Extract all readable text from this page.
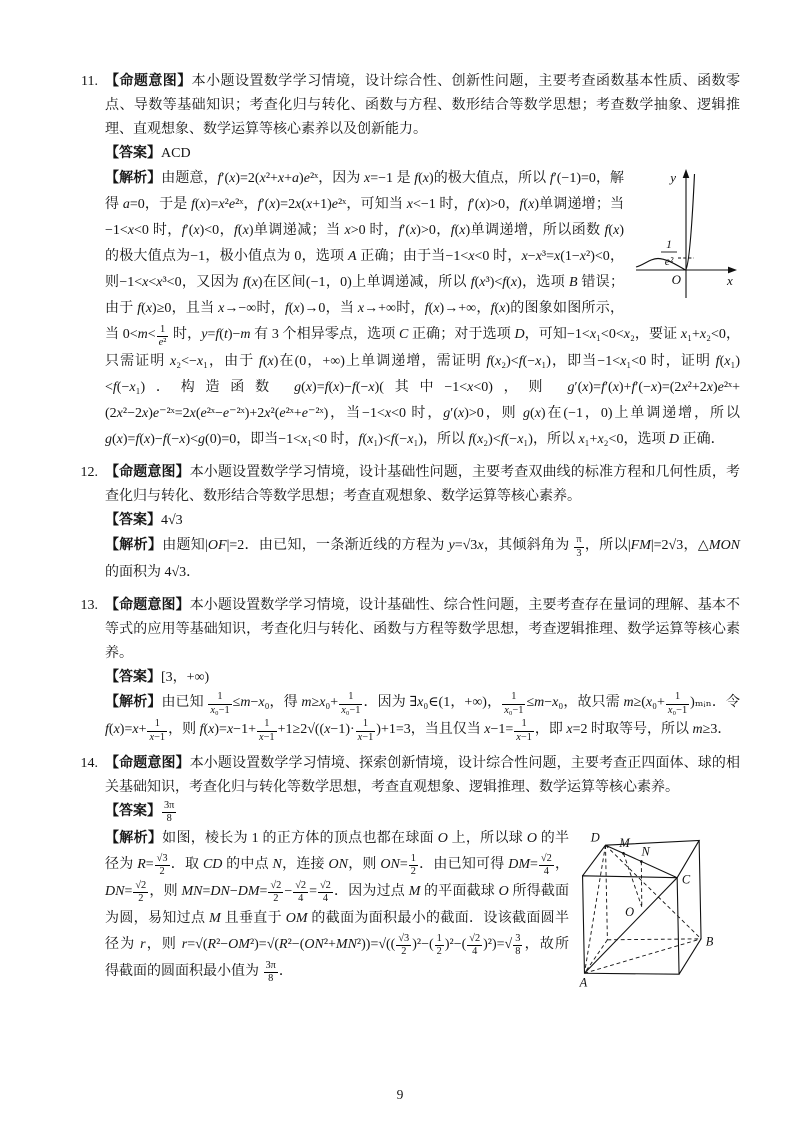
11. 【命题意图】本小题设置数学学习情境，设计综合性、创新性问题，主要考查函数基本性质、函数零点、导数等基础知识；考查化归与转化、函数与方程、数形结合等数学思想；考查数学抽象、逻辑推理、直观想象、数学运算等核心素养以及创新能力。

【答案】ACD

y
x
O
1
e²
【解析】由题意，f′(x)=2(x²+x+a)e²ˣ，因为 x=−1 是 f(x)的极大值点，所以 f′(−1)=0，解得 a=0，于是 f(x)=x²e²ˣ，f′(x)=2x(x+1)e²ˣ，可知当 x<−1 时，f′(x)>0，f(x)单调递增；当−1<x<0 时，f′(x)<0，f(x)单调递减；当 x>0 时，f′(x)>0，f(x)单调递增，所以函数 f(x)的极大值点为−1，极小值点为 0，选项 A 正确；由于当−1<x<0 时，x−x³=x(1−x²)<0，则−1<x<x³<0，又因为 f(x)在区间(−1，0)上单调递减，所以 f(x³)<f(x)，选项 B 错误；由于 f(x)≥0，且当 x→−∞时，f(x)→0，当 x→+∞时，f(x)→+∞，f(x)的图象如图所示，当 $0<m< \frac{1}{\text{e²}}$ 时，y=f(t)−m 有 3 个相异零点，选项 C 正确；对于选项 D，可知−1<x₁<0<x₂，要证 x₁+x₂<0，只需证明 x₂<−x₁，由于 f(x)在(0，+∞)上单调递增，需证明 f(x₂)<f(−x₁)，即当−1<x₁<0 时，证明 f(x₁)<f(−x₁)．构造函数 g(x)=f(x)−f(−x)(其中−1<x<0)，则 g′(x)=f′(x)+f′(−x)=(2x²+2x)e²ˣ+(2x²−2x)e⁻²ˣ=2x(e²ˣ−e⁻²ˣ)+2x²(e²ˣ+e⁻²ˣ)，当−1<x<0 时，g′(x)>0，则 g(x)在(−1，0)上单调递增，所以 g(x)=f(x)−f(−x)<g(0)=0，即当−1<x₁<0 时，f(x₁)<f(−x₁)，所以 f(x₂)<f(−x₁)，所以 x₁+x₂<0，选项 D 正确．
12. 【命题意图】本小题设置数学学习情境，设计基础性问题，主要考查双曲线的标准方程和几何性质，考查化归与转化、数形结合等数学思想；考查直观想象、数学运算等核心素养。

【答案】4√3

【解析】由题知|OF|=2．由已知，一条渐近线的方程为 y=√3x，其倾斜角为 $\frac{\pi}{3}$ ，所以|FM|=2√3，△MON 的面积为 4√3．
13. 【命题意图】本小题设置数学学习情境，设计基础性、综合性问题，主要考查存在量词的理解、基本不等式的应用等基础知识，考查化归与转化、函数与方程等数学思想，考查逻辑推理、数学运算等核心素养。

【答案】[3，+∞)

【解析】由已知 $\frac{1}{\text{x₀−1}} \le m-x_0$，得 $m\ge x_0+ \frac{1}{\text{x₀−1}}$ ．因为 ∃x₀∈(1，+∞)， $\frac{1}{\text{x₀−1}} \le m-x_0$，故只需 $m\ge(x_0+ \frac{1}{\text{x₀−1}}$ )ₘᵢₙ．令 $f(x)=x+ \frac{1}{x-1}$ ，则 $f(x)=x-1+ \frac{1}{x-1} +1\ge 2√((x-1)\cdot \frac{1}{x-1} )+1=3$，当且仅当 $x-1= \frac{1}{x-1}$ ，即 x=2 时取等号，所以 m≥3．
14. 【命题意图】本小题设置数学学习情境、探索创新情境，设计综合性问题，主要考查正四面体、球的相关基础知识，考查化归与转化等数学思想，考查直观想象、逻辑推理、数学运算等核心素养。

【答案】 $\frac{3\pi}{8}$

D M
N
C
O
B
A
【解析】如图，棱长为 1 的正方体的顶点也都在球面 O 上，所以球 O 的半径为 $R= \frac{√3}{2}$ ．取 CD 的中点 N，连接 ON，则 $ON= \frac{1}{2}$ ．由已知可得 $DM= \frac{√2}{4}$ ，$DN= \frac{√2}{2}$ ，则 $MN=DN-DM= \frac{√2}{2} - \frac{√2}{4} = \frac{√2}{4}$ ．因为过点 M 的平面截球 O 所得截面为圆，易知过点 M 且垂直于 OM 的截面为面积最小的截面．设该截面圆半径为 r，则 $r=√(R^2-OM^2)=√(R^2-(ON^2+MN^2))=√(( \frac{√3}{2} )^2-( \frac{1}{2} )^2-( \frac{√2}{4} )^2)=√ \frac{3}{8}$ ，故所得截面的圆面积最小值为 $\frac{3\pi}{8}$ ．
9
